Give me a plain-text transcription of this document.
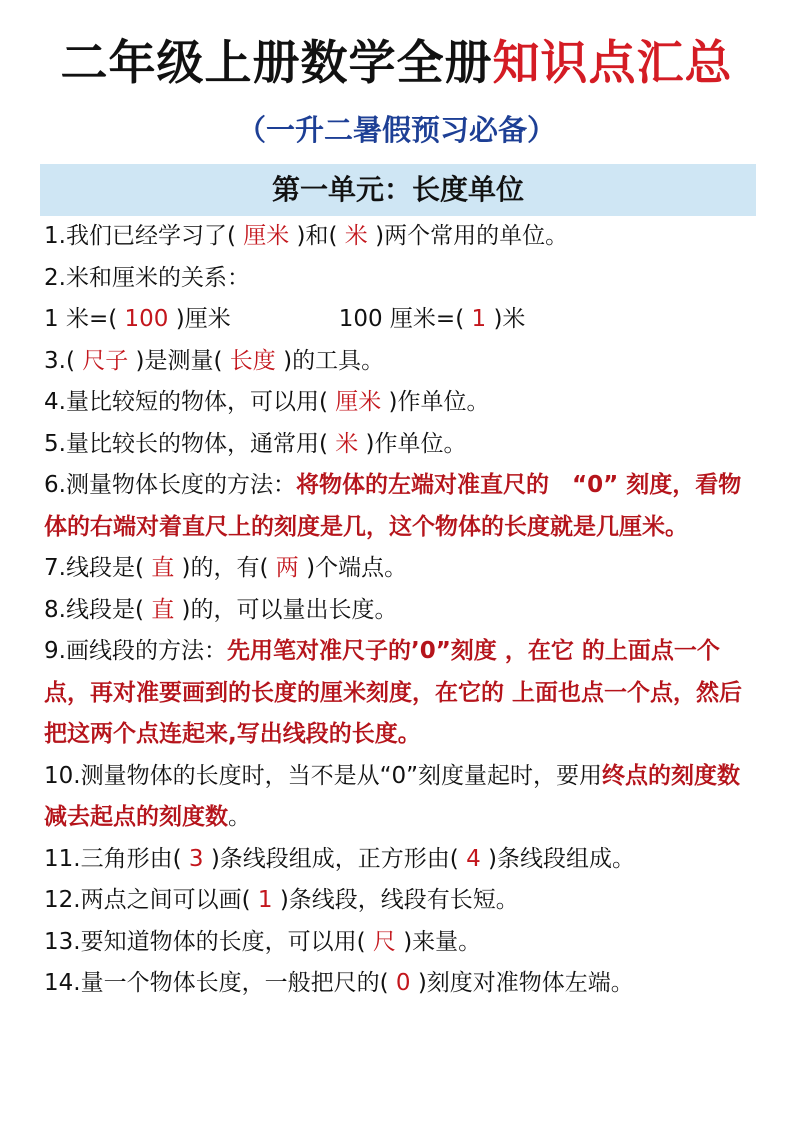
二年级上册数学全册知识点汇总
（一升二暑假预习必备）
第一单元：长度单位
1.我们已经学习了( 厘米 )和( 米 )两个常用的单位。
2.米和厘米的关系：
1 米=( 100 )厘米	100 厘米=( 1 )米
3.( 尺子 )是测量( 长度 )的工具。
4.量比较短的物体，可以用( 厘米 )作单位。
5.量比较长的物体，通常用( 米 )作单位。
6.测量物体长度的方法：将物体的左端对准直尺的　“0” 刻度，看物体的右端对着直尺上的刻度是几，这个物体的长度就是几厘米。
7.线段是( 直 )的，有( 两 )个端点。
8.线段是( 直 )的，可以量出长度。
9.画线段的方法：先用笔对准尺子的’0”刻度 ，在它 的上面点一个点，再对准要画到的长度的厘米刻度，在它的 上面也点一个点，然后把这两个点连起来,写出线段的长度。
10.测量物体的长度时，当不是从“0”刻度量起时，要用终点的刻度数减去起点的刻度数。
11.三角形由( 3 )条线段组成，正方形由( 4 )条线段组成。
12.两点之间可以画( 1 )条线段，线段有长短。
13.要知道物体的长度，可以用( 尺 )来量。
14.量一个物体长度，一般把尺的( 0 )刻度对准物体左端。
